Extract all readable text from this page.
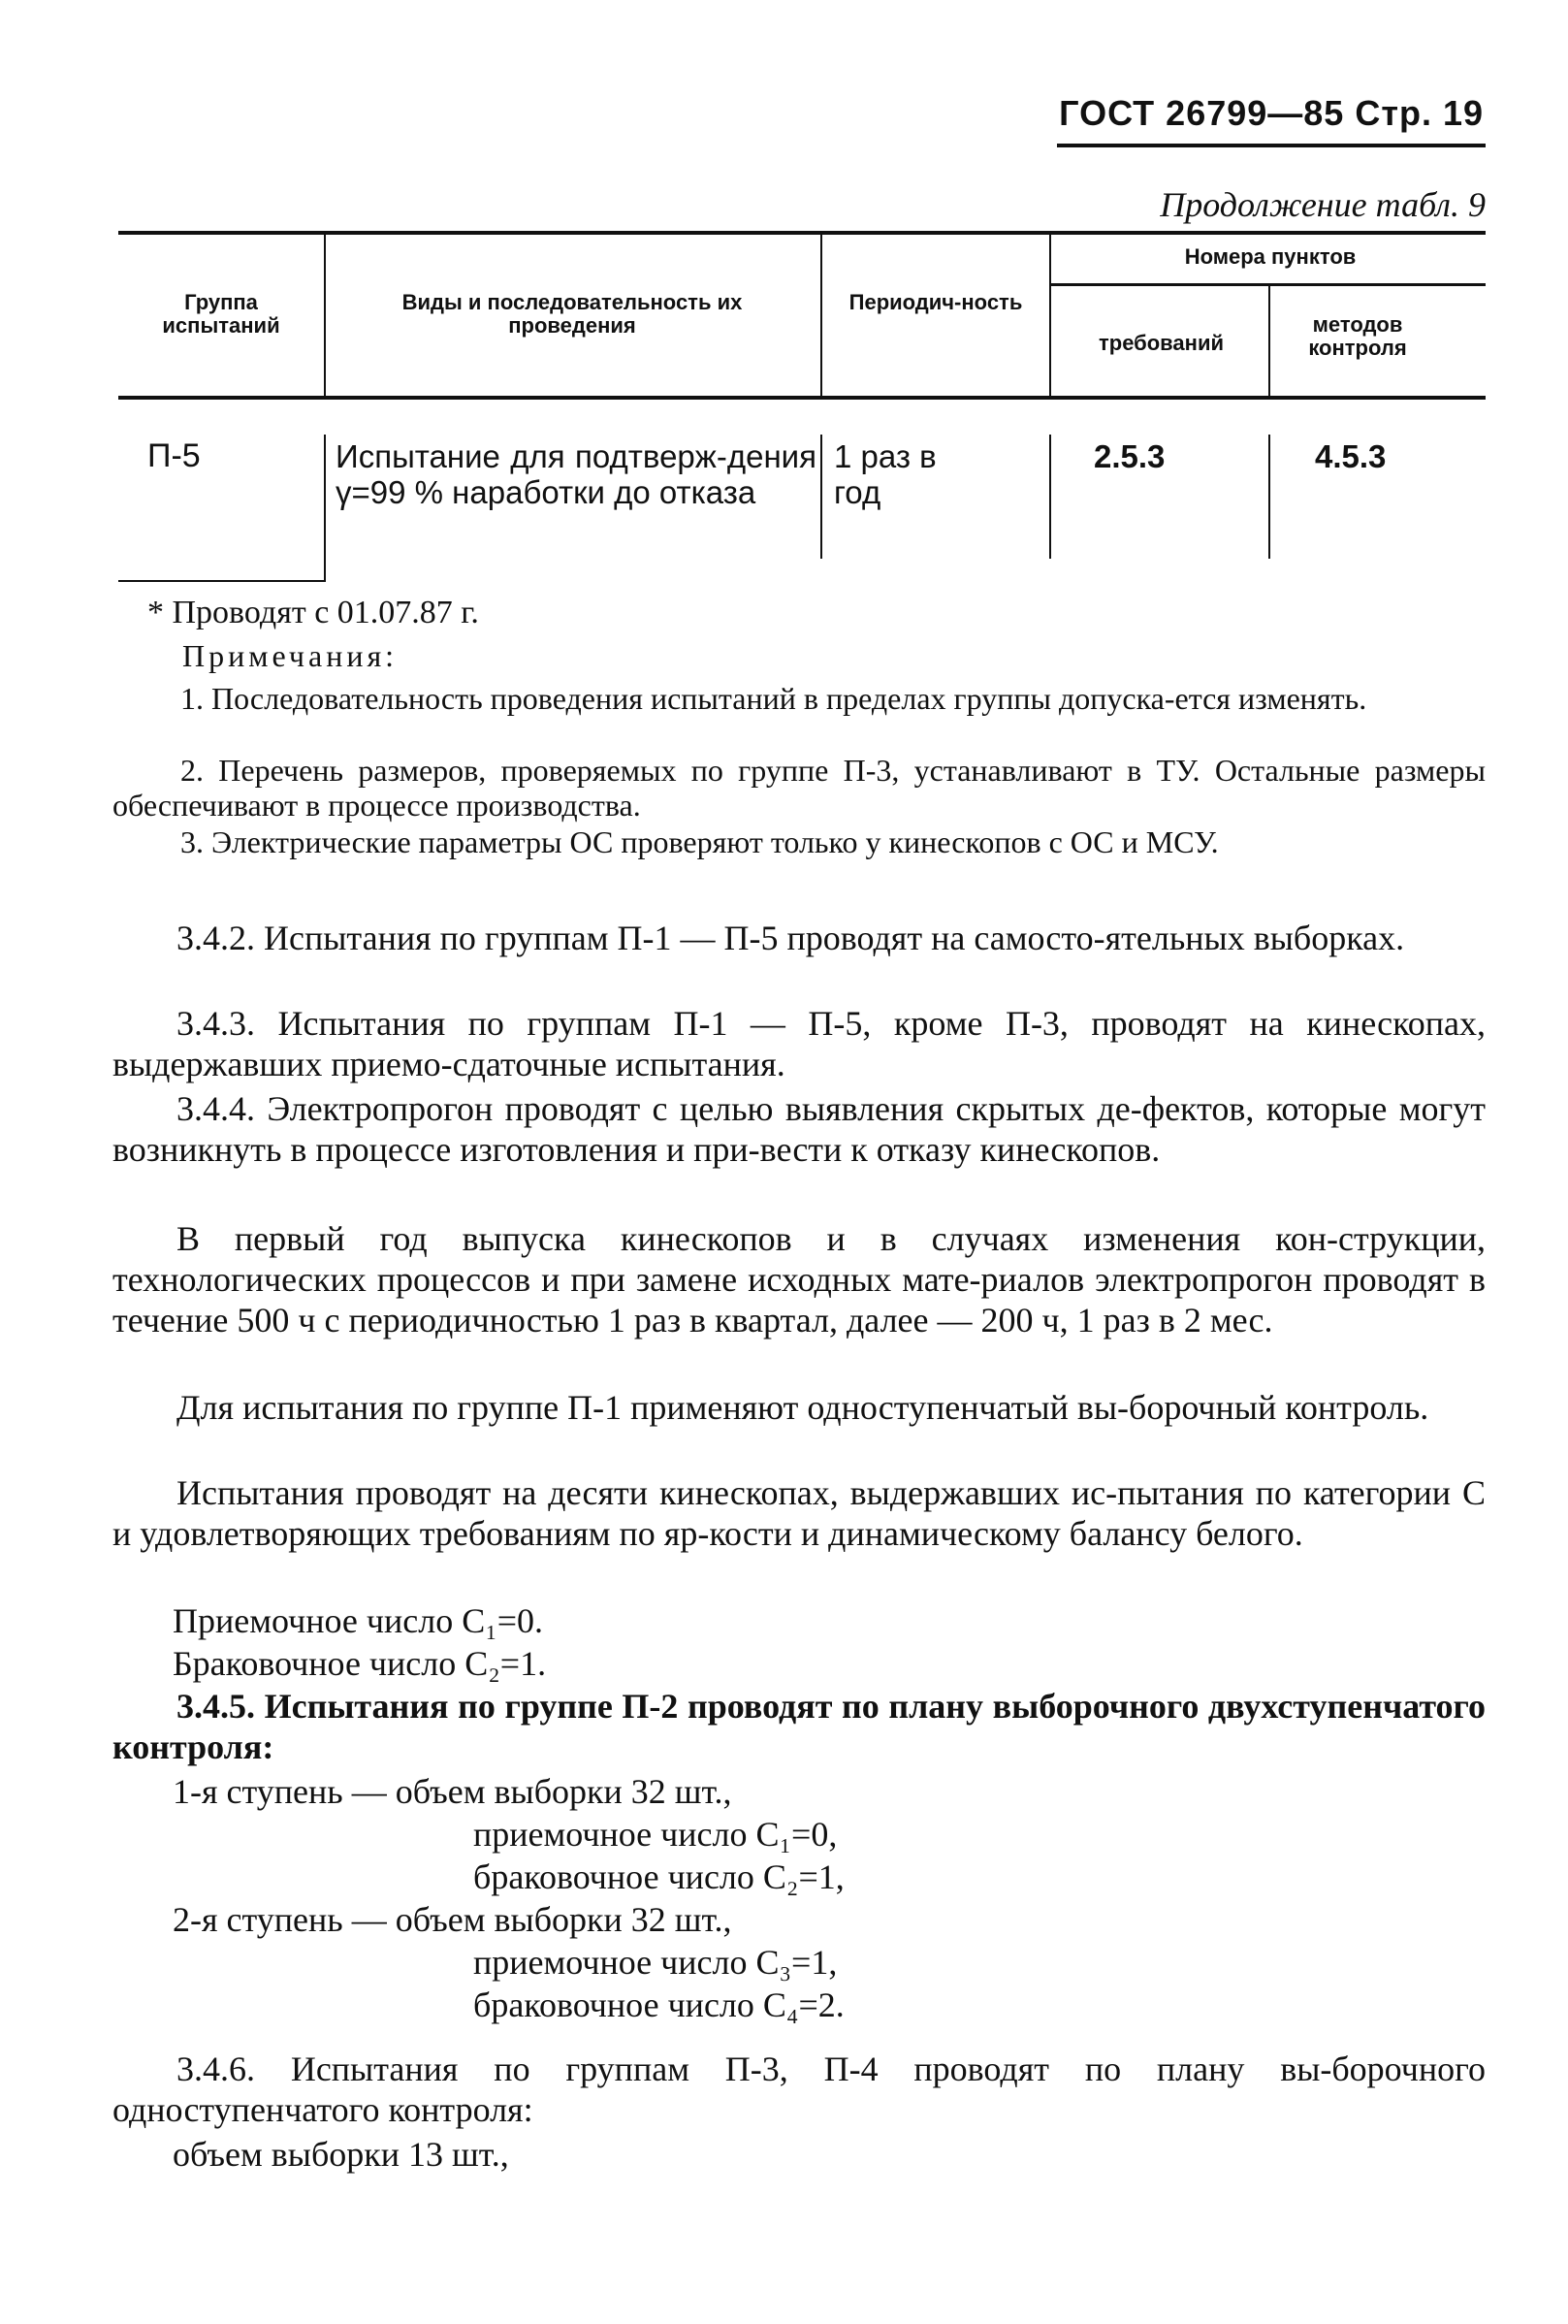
ГОСТ 26799—85 Стр. 19
Продолжение табл. 9
Группа испытаний
Виды и последовательность их проведения
Периодич-ность
Номера пунктов
требований
методов контроля
П-5	Испытание для подтверж-дения γ=99 % наработки до отказа
1 раз в год
2.5.3	4.5.3
* Проводят с 01.07.87 г.
Примечания:
1. Последовательность проведения испытаний в пределах группы допуска-ется изменять.
2. Перечень размеров, проверяемых по группе П-3, устанавливают в ТУ. Остальные размеры обеспечивают в процессе производства.
3. Электрические параметры ОС проверяют только у кинескопов с ОС и МСУ.
3.4.2. Испытания по группам П-1 — П-5 проводят на самосто-ятельных выборках.
3.4.3. Испытания по группам П-1 — П-5, кроме П-3, проводят на кинескопах, выдержавших приемо-сдаточные испытания.
3.4.4. Электропрогон проводят с целью выявления скрытых де-фектов, которые могут возникнуть в процессе изготовления и при-вести к отказу кинескопов.
В первый год выпуска кинескопов и в случаях изменения кон-струкции, технологических процессов и при замене исходных мате-риалов электропрогон проводят в течение 500 ч с периодичностью 1 раз в квартал, далее — 200 ч, 1 раз в 2 мес.
Для испытания по группе П-1 применяют одноступенчатый вы-борочный контроль.
Испытания проводят на десяти кинескопах, выдержавших ис-пытания по категории С и удовлетворяющих требованиям по яр-кости и динамическому балансу белого.
Приемочное число C₁=0.
Браковочное число C₂=1.
3.4.5. Испытания по группе П-2 проводят по плану выборочного двухступенчатого контроля:
1-я ступень — объем выборки 32 шт.,
приемочное число C₁=0,
браковочное число C₂=1,
2-я ступень — объем выборки 32 шт.,
приемочное число C₃=1,
браковочное число C₄=2.
3.4.6. Испытания по группам П-3, П-4 проводят по плану вы-борочного одноступенчатого контроля:
объем выборки 13 шт.,
